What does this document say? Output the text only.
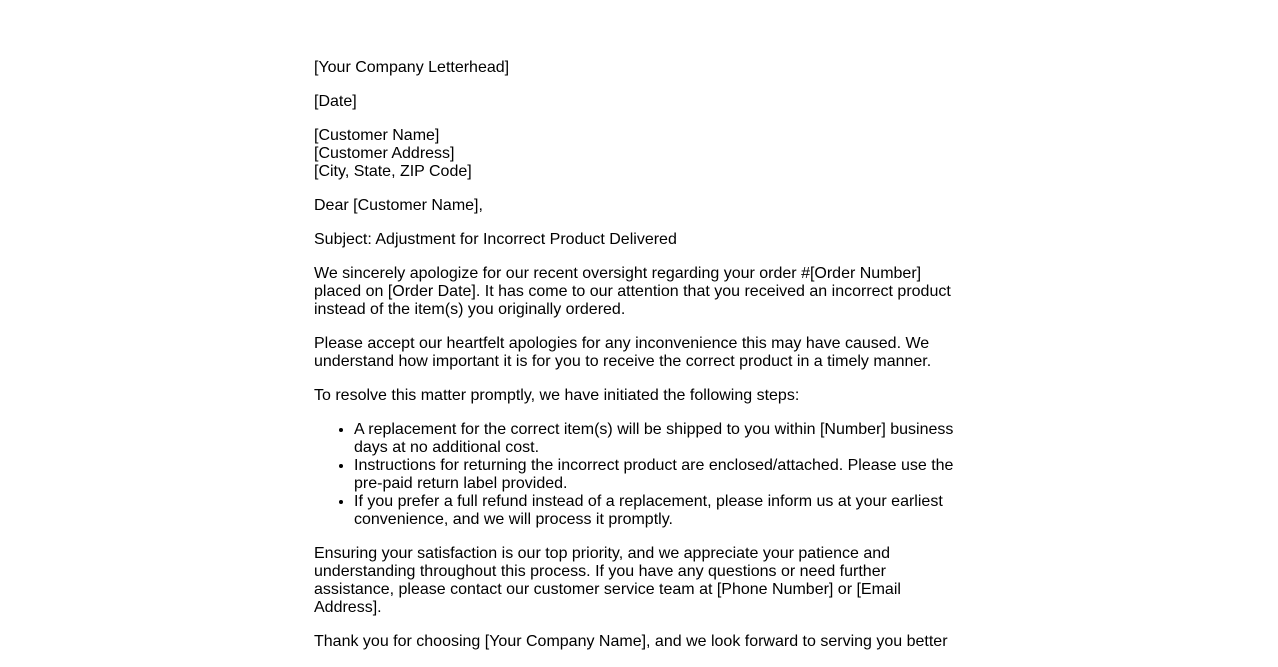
[Your Company Letterhead]

[Date]

[Customer Name]
[Customer Address]
[City, State, ZIP Code]

Dear [Customer Name],

Subject: Adjustment for Incorrect Product Delivered

We sincerely apologize for our recent oversight regarding your order #[Order Number] placed on [Order Date]. It has come to our attention that you received an incorrect product instead of the item(s) you originally ordered.

Please accept our heartfelt apologies for any inconvenience this may have caused. We understand how important it is for you to receive the correct product in a timely manner.

To resolve this matter promptly, we have initiated the following steps:

• A replacement for the correct item(s) will be shipped to you within [Number] business days at no additional cost.
• Instructions for returning the incorrect product are enclosed/attached. Please use the pre-paid return label provided.
• If you prefer a full refund instead of a replacement, please inform us at your earliest convenience, and we will process it promptly.

Ensuring your satisfaction is our top priority, and we appreciate your patience and understanding throughout this process. If you have any questions or need further assistance, please contact our customer service team at [Phone Number] or [Email Address].

Thank you for choosing [Your Company Name], and we look forward to serving you better
